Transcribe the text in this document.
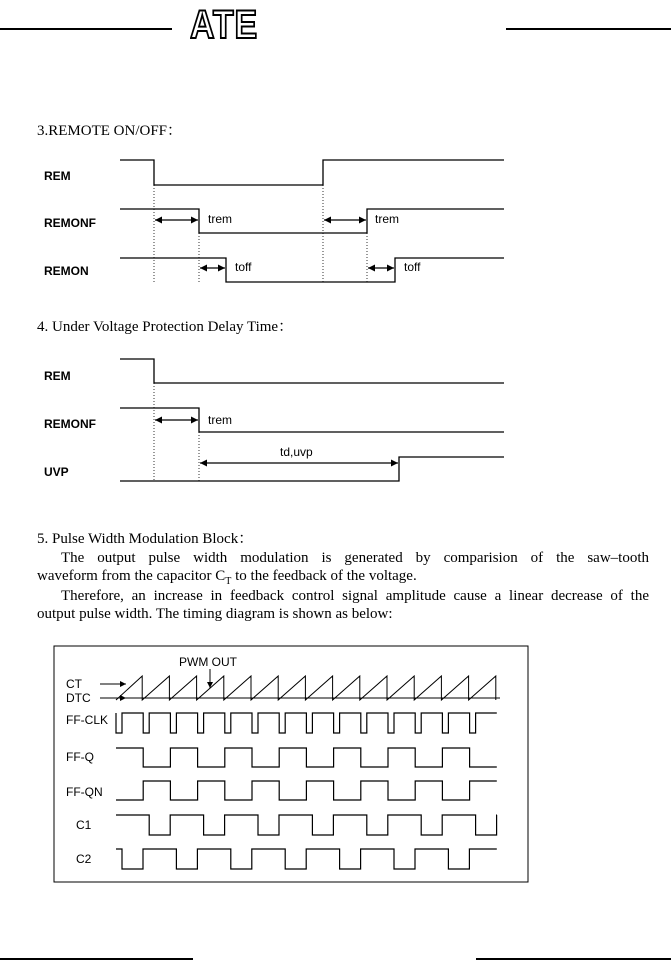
ATE
3.REMOTE ON/OFF：
4. Under Voltage Protection Delay Time：
5. Pulse Width Modulation Block：
The output pulse width modulation is generated by comparision of the saw–tooth
waveform from the capacitor $C_T$ to the feedback of the voltage.
Therefore, an increase in feedback control signal amplitude cause a linear decrease of the
output pulse width. The timing diagram is shown as below:
REM
REMONF
REMON
trem	trem
toff	toff
REM
REMONF
UVP
trem
td,uvp
PWM OUT
CT
DTC
FF-CLK
FF-Q
FF-QN
C1
C2
